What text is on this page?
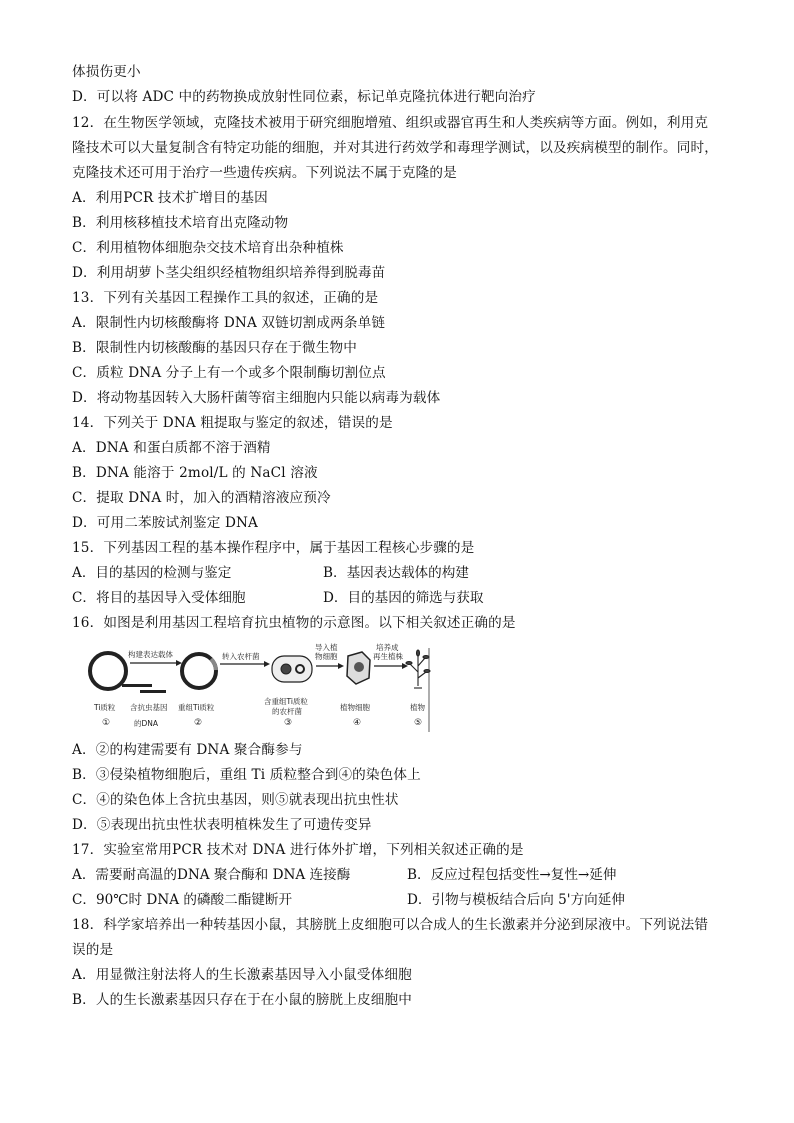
体损伤更小
D．可以将 ADC 中的药物换成放射性同位素，标记单克隆抗体进行靶向治疗
12．在生物医学领域，克隆技术被用于研究细胞增殖、组织或器官再生和人类疾病等方面。例如，利用克
隆技术可以大量复制含有特定功能的细胞，并对其进行药效学和毒理学测试，以及疾病模型的制作。同时，
克隆技术还可用于治疗一些遗传疾病。下列说法不属于克隆的是
A．利用PCR 技术扩增目的基因
B．利用核移植技术培育出克隆动物
C．利用植物体细胞杂交技术培育出杂种植株
D．利用胡萝卜茎尖组织经植物组织培养得到脱毒苗
13．下列有关基因工程操作工具的叙述，正确的是
A．限制性内切核酸酶将 DNA 双链切割成两条单链
B．限制性内切核酸酶的基因只存在于微生物中
C．质粒 DNA 分子上有一个或多个限制酶切割位点
D．将动物基因转入大肠杆菌等宿主细胞内只能以病毒为载体
14．下列关于 DNA 粗提取与鉴定的叙述，错误的是
A．DNA 和蛋白质都不溶于酒精
B．DNA 能溶于 2mol/L 的 NaCl 溶液
C．提取 DNA 时，加入的酒精溶液应预冷
D．可用二苯胺试剂鉴定 DNA
15．下列基因工程的基本操作程序中，属于基因工程核心步骤的是
A．目的基因的检测与鉴定	B．基因表达载体的构建
C．将目的基因导入受体细胞	D．目的基因的筛选与获取
16．如图是利用基因工程培育抗虫植物的示意图。以下相关叙述正确的是
构建表达载体	转入农杆菌
导入植
物细胞
培养成
再生植株
Ti质粒 含抗虫基因
的DNA
重组Ti质粒
含重组Ti质粒
的农杆菌	植物细胞	植物
①	②	③	④	⑤
A．②的构建需要有 DNA 聚合酶参与
B．③侵染植物细胞后，重组 Ti 质粒整合到④的染色体上
C．④的染色体上含抗虫基因，则⑤就表现出抗虫性状
D．⑤表现出抗虫性状表明植株发生了可遗传变异
17．实验室常用PCR 技术对 DNA 进行体外扩增，下列相关叙述正确的是
A．需要耐高温的DNA 聚合酶和 DNA 连接酶	B．反应过程包括变性→复性→延伸
C．90℃时 DNA 的磷酸二酯键断开	D．引物与模板结合后向 5'方向延伸
18．科学家培养出一种转基因小鼠，其膀胱上皮细胞可以合成人的生长激素并分泌到尿液中。下列说法错
误的是
A．用显微注射法将人的生长激素基因导入小鼠受体细胞
B．人的生长激素基因只存在于在小鼠的膀胱上皮细胞中
